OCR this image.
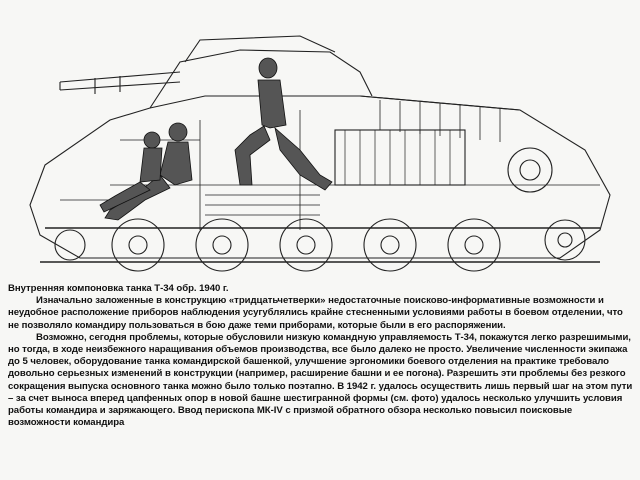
Внутренняя компоновка танка Т-34 обр. 1940 г.

Изначально заложенные в конструкцию «тридцатьчетверки» недостаточные поисково-информативные возможности и неудобное расположение приборов наблюдения усугублялись крайне стесненными условиями работы в боевом отделении, что не позволяло командиру пользоваться в бою даже теми приборами, которые были в его распоряжении.

Возможно, сегодня проблемы, которые обусловили низкую командную управляемость Т-34, покажутся легко разрешимыми, но тогда, в ходе неизбежного наращивания объемов производства, все было далеко не просто. Увеличение численности экипажа до 5 человек, оборудование танка командирской башенкой, улучшение эргономики боевого отделения на практике требовало довольно серьезных изменений в конструкции (например, расширение башни и ее погона). Разрешить эти проблемы без резкого сокращения выпуска основного танка можно было только поэтапно. В 1942 г. удалось осуществить лишь первый шаг на этом пути – за счет выноса вперед цапфенных опор в новой башне шестигранной формы (см. фото) удалось несколько улучшить условия работы командира и заряжающего. Ввод перископа МК-IV с призмой обратного обзора несколько повысил поисковые возможности командира
